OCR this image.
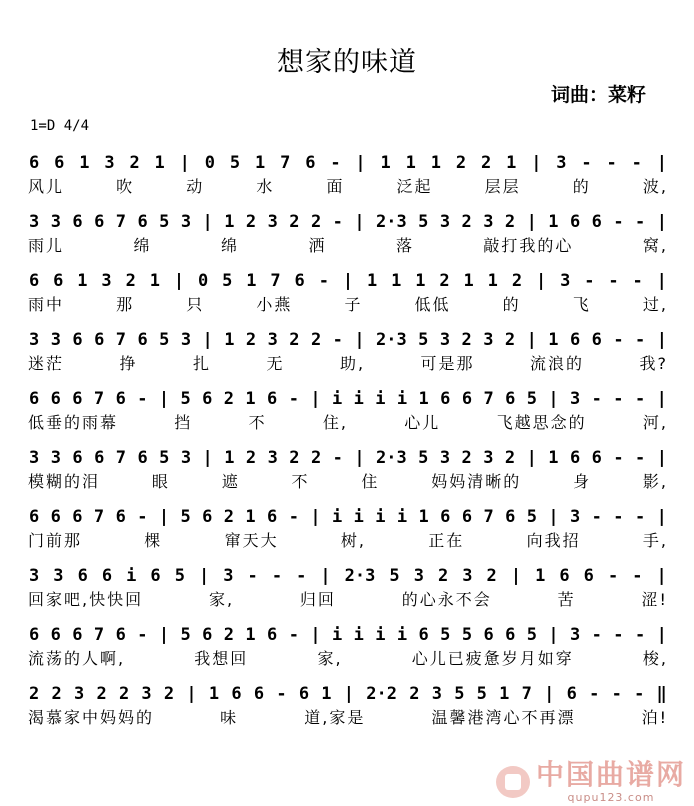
想家的味道
词曲：菜籽
1=D 4/4
6 6 1 3 2 1 | 0 5 1 7 6 - | 1 1 1 2 2 1 | 3 - - - |
风儿	吹	动	水	面	泛起	层层	的	波,
3 3 6 6 7 6 5 3 | 1 2 3 2 2 - | 2·3 5 3 2 3 2 | 1 6 6 - - |
雨儿	绵	绵	洒	落	敲打我的心	窝,
6 6 1 3 2 1 | 0 5 1 7 6 - | 1 1 1 2 1 1 2 | 3 - - - |
雨中	那	只	小燕	子	低低	的	飞	过,
3 3 6 6 7 6 5 3 | 1 2 3 2 2 - | 2·3 5 3 2 3 2 | 1 6 6 - - |
迷茫	挣	扎	无	助,	可是那	流浪的	我?
6 6 6 7 6 - | 5 6 2 1 6 - | i i i i 1 6 6 7 6 5 | 3 - - - |
低垂的雨幕	挡	不	住,	心儿	飞越思念的	河,
3 3 6 6 7 6 5 3 | 1 2 3 2 2 - | 2·3 5 3 2 3 2 | 1 6 6 - - |
模糊的泪	眼	遮	不	住	妈妈清晰的	身	影,
6 6 6 7 6 - | 5 6 2 1 6 - | i i i i 1 6 6 7 6 5 | 3 - - - |
门前那	棵	窜天大	树,	正在	向我招	手,
3 3 6 6 i 6 5 | 3 - - - | 2·3 5 3 2 3 2 | 1 6 6 - - |
回家吧,快快回	家,	归回	的心永不会	苦	涩!
6 6 6 7 6 - | 5 6 2 1 6 - | i i i i 6 5 5 6 6 5 | 3 - - - |
流荡的人啊,	我想回	家,	心儿已疲惫岁月如穿	梭,
2 2 3 2 2 3 2 | 1 6 6 - 6 1 | 2·2 2 3 5 5 1 7 | 6 - - - ‖
渴慕家中妈妈的	味	道,家是	温馨港湾心不再漂	泊!
中国曲谱网
qupu123.com
